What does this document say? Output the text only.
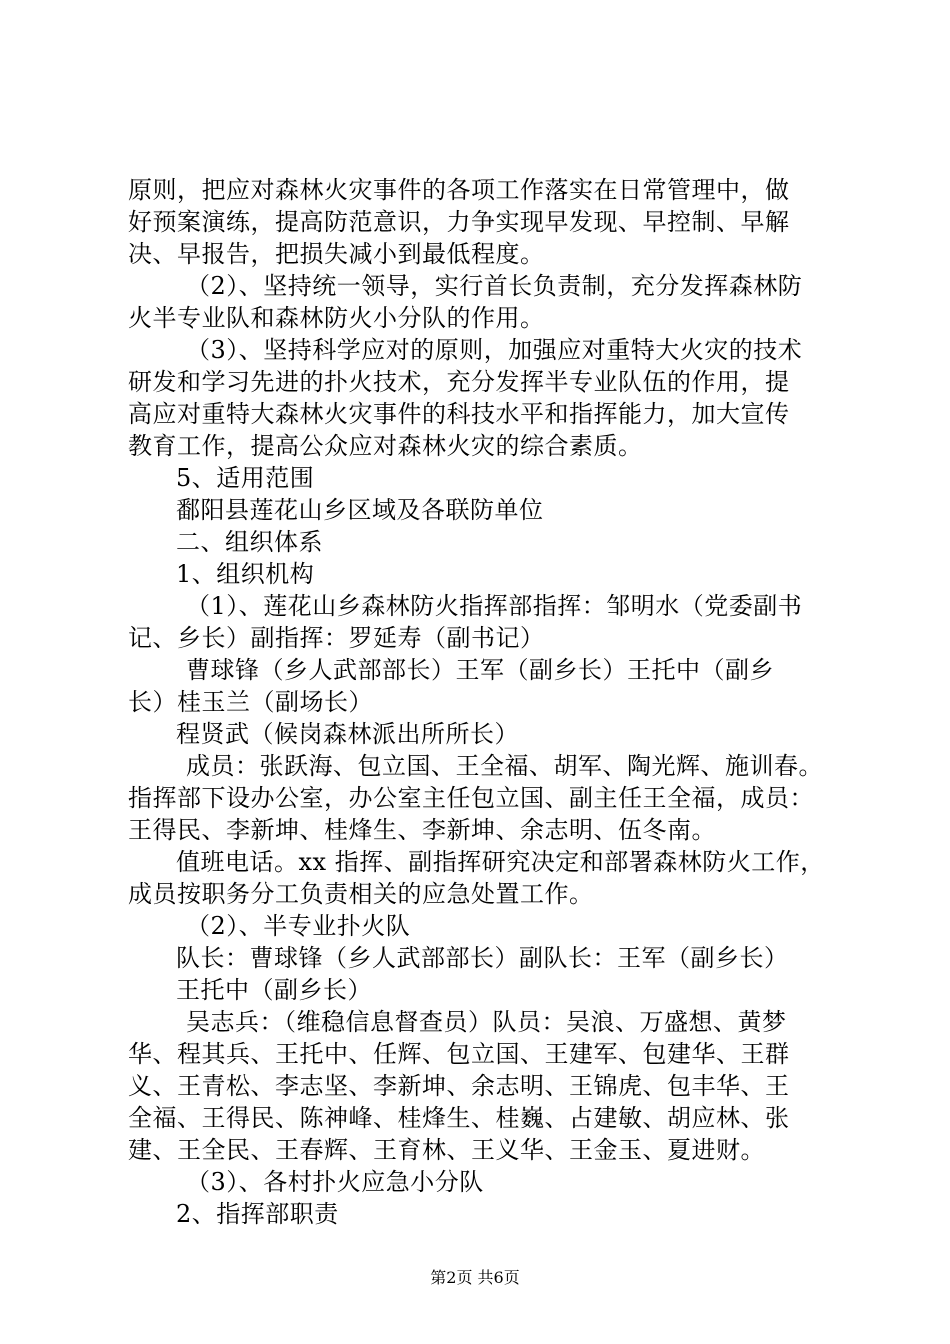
原则，把应对森林火灾事件的各项工作落实在日常管理中，做
好预案演练，提高防范意识，力争实现早发现、早控制、早解
决、早报告，把损失减小到最低程度。
（2）、坚持统一领导，实行首长负责制，充分发挥森林防
火半专业队和森林防火小分队的作用。
（3）、坚持科学应对的原则，加强应对重特大火灾的技术
研发和学习先进的扑火技术，充分发挥半专业队伍的作用，提
高应对重特大森林火灾事件的科技水平和指挥能力，加大宣传
教育工作，提高公众应对森林火灾的综合素质。
5、适用范围
鄱阳县莲花山乡区域及各联防单位
二、组织体系
1、组织机构
（1）、莲花山乡森林防火指挥部指挥：邹明水（党委副书
记、乡长）副指挥：罗延寿（副书记）
曹球锋（乡人武部部长）王军（副乡长）王托中（副乡
长）桂玉兰（副场长）
程贤武（候岗森林派出所所长）
成员：张跃海、包立国、王全福、胡军、陶光辉、施训春。
指挥部下设办公室，办公室主任包立国、副主任王全福，成员：
王得民、李新坤、桂烽生、李新坤、余志明、伍冬南。
值班电话。xx 指挥、副指挥研究决定和部署森林防火工作，
成员按职务分工负责相关的应急处置工作。
（2）、半专业扑火队
队长：曹球锋（乡人武部部长）副队长：王军（副乡长）
王托中（副乡长）
吴志兵：（维稳信息督查员）队员：吴浪、万盛想、黄梦
华、程其兵、王托中、任辉、包立国、王建军、包建华、王群
义、王青松、李志坚、李新坤、余志明、王锦虎、包丰华、王
全福、王得民、陈神峰、桂烽生、桂巍、占建敏、胡应林、张
建、王全民、王春辉、王育林、王义华、王金玉、夏进财。
（3）、各村扑火应急小分队
2、指挥部职责
第2页 共6页
